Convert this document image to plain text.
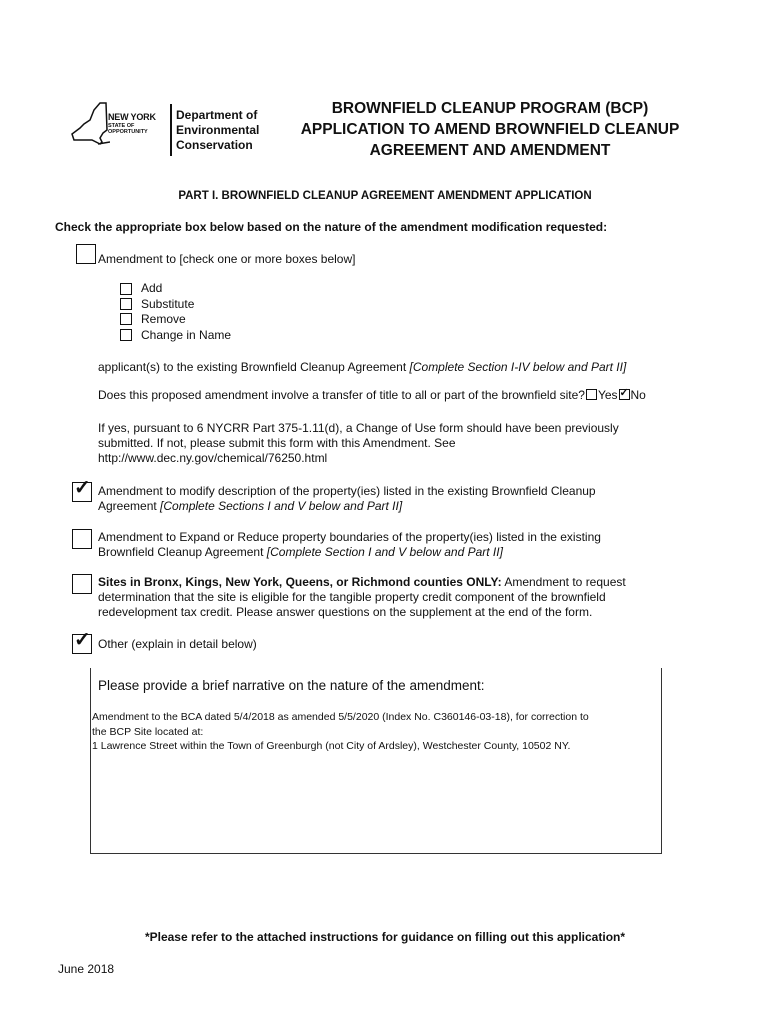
NEW YORK
STATE OF
OPPORTUNITY
Department of
Environmental
Conservation
BROWNFIELD CLEANUP PROGRAM (BCP)
APPLICATION TO AMEND BROWNFIELD CLEANUP
AGREEMENT AND AMENDMENT
PART I. BROWNFIELD CLEANUP AGREEMENT AMENDMENT APPLICATION
Check the appropriate box below based on the nature of the amendment modification requested:
Amendment to [check one or more boxes below]
Add
Substitute
Remove
Change in Name
applicant(s) to the existing Brownfield Cleanup Agreement [Complete Section I-IV below and Part II]
Does this proposed amendment involve a transfer of title to all or part of the brownfield site? Yes ✓ No
If yes, pursuant to 6 NYCRR Part 375-1.11(d), a Change of Use form should have been previously
submitted. If not, please submit this form with this Amendment. See
http://www.dec.ny.gov/chemical/76250.html
✓ Amendment to modify description of the property(ies) listed in the existing Brownfield Cleanup
Agreement [Complete Sections I and V below and Part II]
Amendment to Expand or Reduce property boundaries of the property(ies) listed in the existing
Brownfield Cleanup Agreement [Complete Section I and V below and Part II]
Sites in Bronx, Kings, New York, Queens, or Richmond counties ONLY: Amendment to request
determination that the site is eligible for the tangible property credit component of the brownfield
redevelopment tax credit. Please answer questions on the supplement at the end of the form.
✓ Other (explain in detail below)
Please provide a brief narrative on the nature of the amendment:
Amendment to the BCA dated 5/4/2018 as amended 5/5/2020 (Index No. C360146-03-18), for correction to
the BCP Site located at:
1 Lawrence Street within the Town of Greenburgh (not City of Ardsley), Westchester County, 10502 NY.
*Please refer to the attached instructions for guidance on filling out this application*
June 2018
